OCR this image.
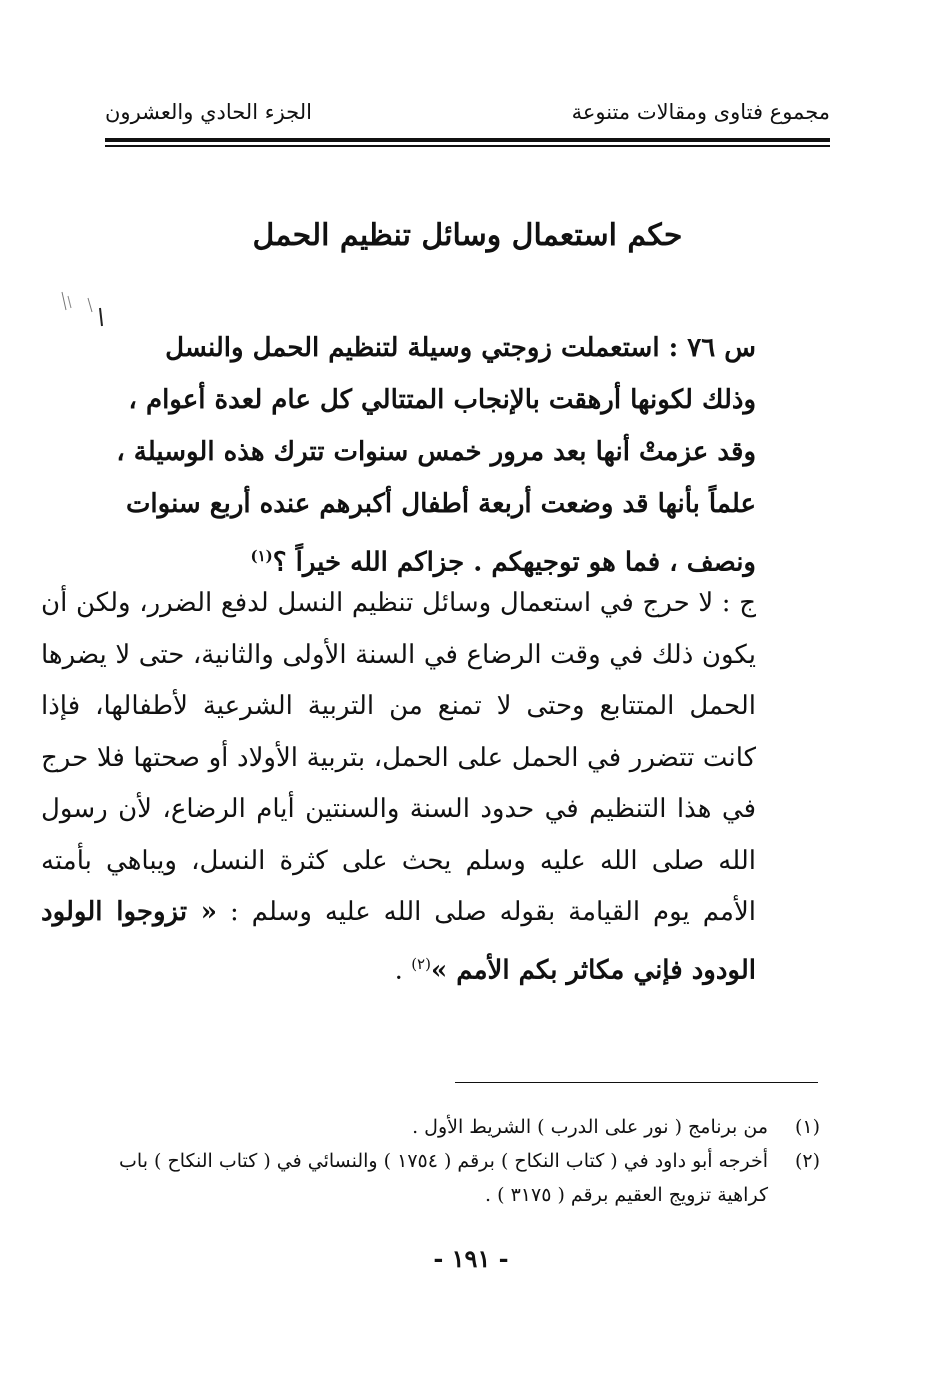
مجموع فتاوى ومقالات متنوعة
الجزء الحادي والعشرون
حكم استعمال وسائل تنظيم الحمل
س ٧٦ : استعملت زوجتي وسيلة لتنظيم الحمل والنسل
وذلك لكونها أرهقت بالإنجاب المتتالي كل عام لعدة أعوام ،
وقد عزمتْ أنها بعد مرور خمس سنوات تترك هذه الوسيلة ،
علماً بأنها قد وضعت أربعة أطفال أكبرهم عنده أربع سنوات
ونصف ، فما هو توجيهكم . جزاكم الله خيراً ؟$^{(١)}$
ج : لا حرج في استعمال وسائل تنظيم النسل لدفع الضرر، ولكن أن يكون ذلك في وقت الرضاع في السنة الأولى والثانية، حتى لا يضرها الحمل المتتابع وحتى لا تمنع من التربية الشرعية لأطفالها، فإذا كانت تتضرر في الحمل على الحمل، بتربية الأولاد أو صحتها فلا حرج في هذا التنظيم في حدود السنة والسنتين أيام الرضاع، لأن رسول الله صلى الله عليه وسلم يحث على كثرة النسل، ويباهي بأمته الأمم يوم القيامة بقوله صلى الله عليه وسلم : « تزوجوا الولود الودود فإني مكاثر بكم الأمم »$^{(٢)}$ .
(١)
من برنامج ( نور على الدرب ) الشريط الأول .
(٢)
أخرجه أبو داود في ( كتاب النكاح ) برقم ( ١٧٥٤ ) والنسائي في ( كتاب النكاح ) باب كراهية تزويج العقيم برقم ( ٣١٧٥ ) .
- ١٩١ -
